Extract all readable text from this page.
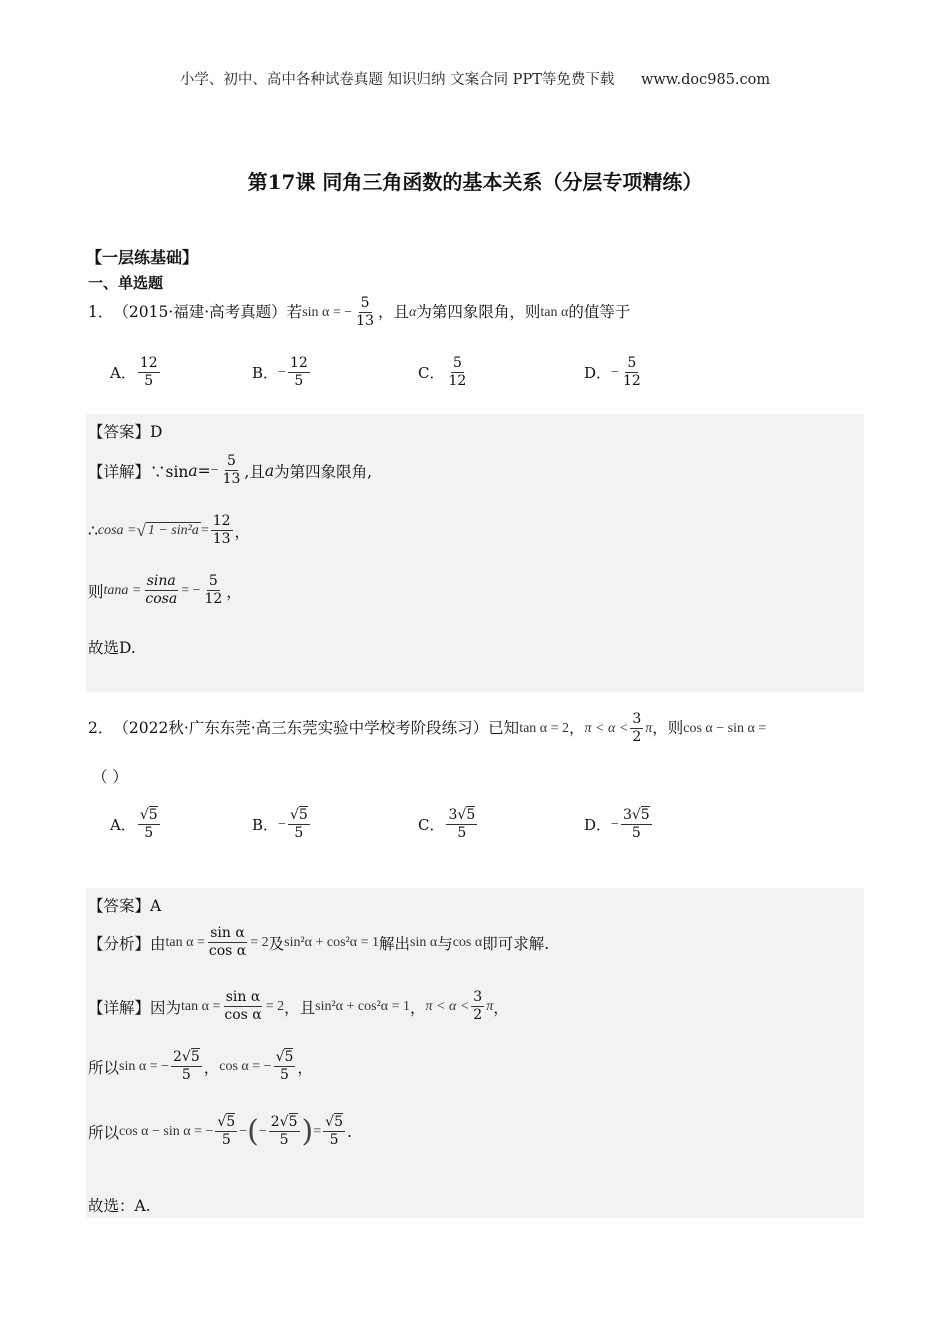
小学、初中、高中各种试卷真题 知识归纳 文案合同 PPT等免费下载 www.doc985.com
第17课 同角三角函数的基本关系（分层专项精练）
【一层练基础】
一、单选题
1． （2015·福建·高考真题）若 sin α = − $\frac{5}{13}$ ，且 α 为第四象限角，则 tan α 的值等于
A． $\frac{12}{5}$	B． − $\frac{12}{5}$	C． $\frac{5}{12}$	D． − $\frac{5}{12}$
【答案】D
【详解】∵sin a = − $\frac{5}{13}$ ,且 a 为第四象限角,
∴ cosa = √ $1 - \sin^2a = \frac{12}{13}$ ，
则 $\tan a = \frac{\sin a}{\cos a}$ = − $\frac{5}{12}$ ，
故选D.
2． （2022秋·广东东莞·高三东莞实验中学校考阶段练习）已知 tan α = 2 ， $\pi < \alpha < \frac{3}{2}$ π ，则 cos α − sin α =
（ ）
A． $\frac{√5}{5}$	B． − $\frac{√5}{5}$	C． $\frac{3√5}{5}$	D． − $\frac{3√5}{5}$
【答案】A
【分析】由 $\tan \alpha = \frac{\text{sin α}}{\text{cos α}} = 2$ 及 sin²α + cos²α = 1 解出 sin α 与 cos α 即可求解.
【详解】因为 $\tan \alpha = \frac{\text{sin α}}{\text{cos α}} = 2$ ，且 sin²α + cos²α = 1 ， $\pi < \alpha < \frac{3}{2}$ π ，
所以 sin α = − $\frac{2√5}{5}$ ， cos α = − $\frac{√5}{5}$ ，
所以 cos α − sin α = − $\frac{√5}{5}$ − ( − $\frac{2√5}{5}$ ) = $\frac{√5}{5}$ .
故选：A.
